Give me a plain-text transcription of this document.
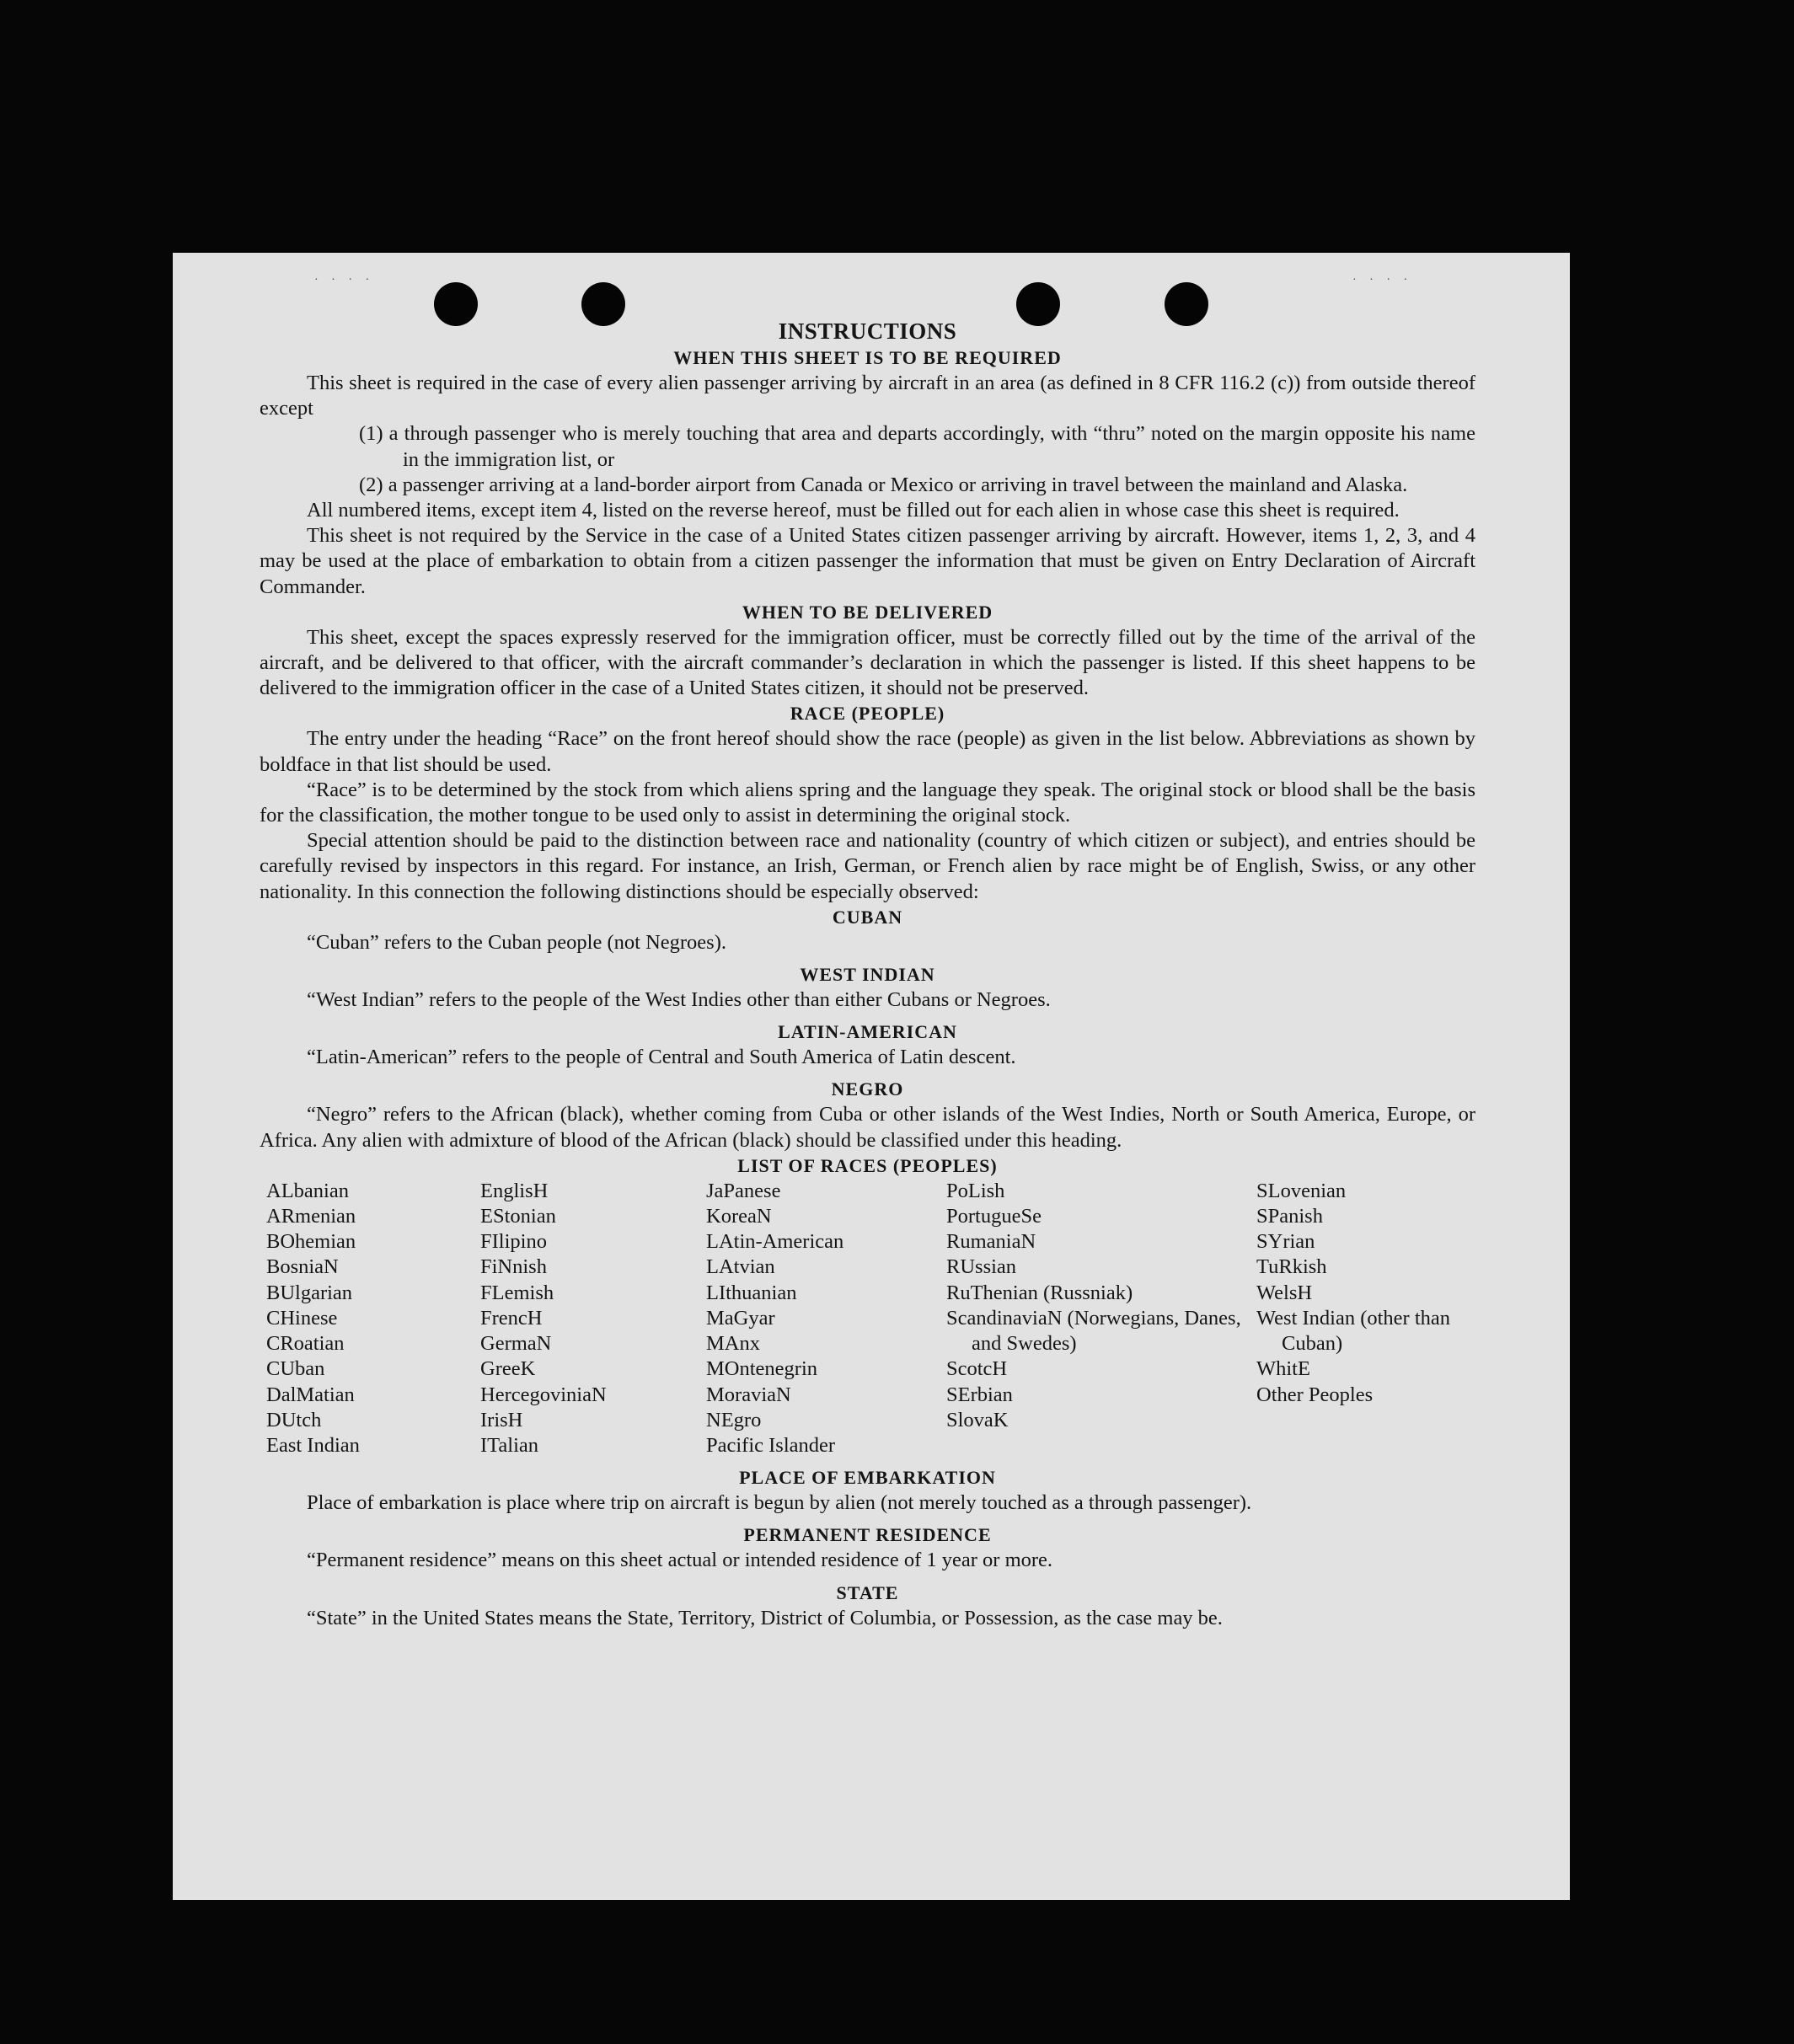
· · · ·	· · · ·
INSTRUCTIONS
WHEN THIS SHEET IS TO BE REQUIRED

This sheet is required in the case of every alien passenger arriving by aircraft in an area (as defined in 8 CFR 116.2 (c)) from outside thereof except

(1) a through passenger who is merely touching that area and departs accordingly, with “thru” noted on the margin opposite his name in the immigration list, or

(2) a passenger arriving at a land-border airport from Canada or Mexico or arriving in travel between the mainland and Alaska.

All numbered items, except item 4, listed on the reverse hereof, must be filled out for each alien in whose case this sheet is required.

This sheet is not required by the Service in the case of a United States citizen passenger arriving by aircraft. However, items 1, 2, 3, and 4 may be used at the place of embarkation to obtain from a citizen passenger the information that must be given on Entry Declaration of Aircraft Commander.

WHEN TO BE DELIVERED

This sheet, except the spaces expressly reserved for the immigration officer, must be correctly filled out by the time of the arrival of the aircraft, and be delivered to that officer, with the aircraft commander’s declaration in which the passenger is listed. If this sheet happens to be delivered to the immigration officer in the case of a United States citizen, it should not be preserved.

RACE (PEOPLE)

The entry under the heading “Race” on the front hereof should show the race (people) as given in the list below. Abbreviations as shown by boldface in that list should be used.

“Race” is to be determined by the stock from which aliens spring and the language they speak. The original stock or blood shall be the basis for the classification, the mother tongue to be used only to assist in determining the original stock.

Special attention should be paid to the distinction between race and nationality (country of which citizen or subject), and entries should be carefully revised by inspectors in this regard. For instance, an Irish, German, or French alien by race might be of English, Swiss, or any other nationality. In this connection the following distinctions should be especially observed:

CUBAN

“Cuban” refers to the Cuban people (not Negroes).

WEST INDIAN

“West Indian” refers to the people of the West Indies other than either Cubans or Negroes.

LATIN-AMERICAN

“Latin-American” refers to the people of Central and South America of Latin descent.

NEGRO

“Negro” refers to the African (black), whether coming from Cuba or other islands of the West Indies, North or South America, Europe, or Africa. Any alien with admixture of blood of the African (black) should be classified under this heading.

LIST OF RACES (PEOPLES)
ALbanian
ARmenian
BOhemian
BosniaN
BUlgarian
CHinese
CRoatian
CUban
DalMatian
DUtch
East Indian
EnglisH
EStonian
FIlipino
FiNnish
FLemish
FrencH
GermaN
GreeK
HercegoviniaN
IrisH
ITalian
JaPanese
KoreaN
LAtin-American
LAtvian
LIthuanian
MaGyar
MAnx
MOntenegrin
MoraviaN
NEgro
Pacific Islander
PoLish
PortugueSe
RumaniaN
RUssian
RuThenian (Russniak)
ScandinaviaN (Norwegians, Danes, and Swedes)
ScotcH
SErbian
SlovaK
SLovenian
SPanish
SYrian
TuRkish
WelsH
West Indian (other than Cuban)
WhitE
Other Peoples
PLACE OF EMBARKATION

Place of embarkation is place where trip on aircraft is begun by alien (not merely touched as a through passenger).

PERMANENT RESIDENCE

“Permanent residence” means on this sheet actual or intended residence of 1 year or more.

STATE

“State” in the United States means the State, Territory, District of Columbia, or Possession, as the case may be.
